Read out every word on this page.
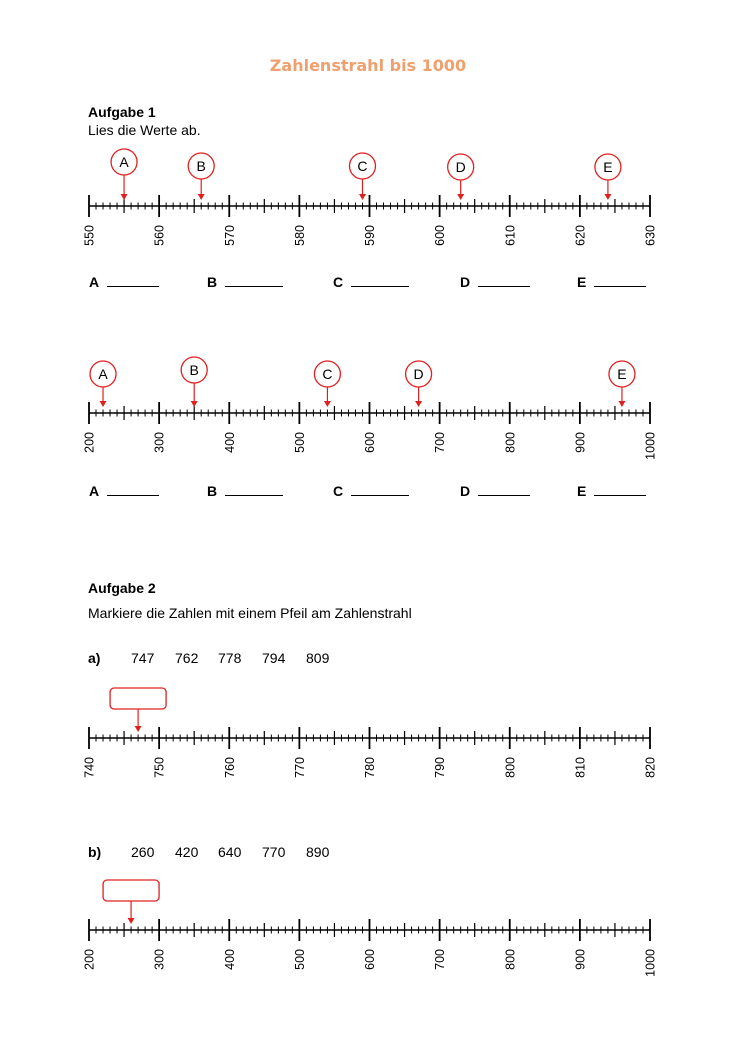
Zahlenstrahl bis 1000
Aufgabe 1
Lies die Werte ab.
550	560	570	580	590	600	610	620	630
A	B	C	D	E
A	B	C	D	E
200	300	400	500	600	700	800	900	1000
A	B	C	D	E
A	B	C	D	E
Aufgabe 2
Markiere die Zahlen mit einem Pfeil am Zahlenstrahl
a) 747 762 778 794 809
740	750	760	770	780	790	800	810	820
b) 260 420 640 770 890
200	300	400	500	600	700	800	900	1000
